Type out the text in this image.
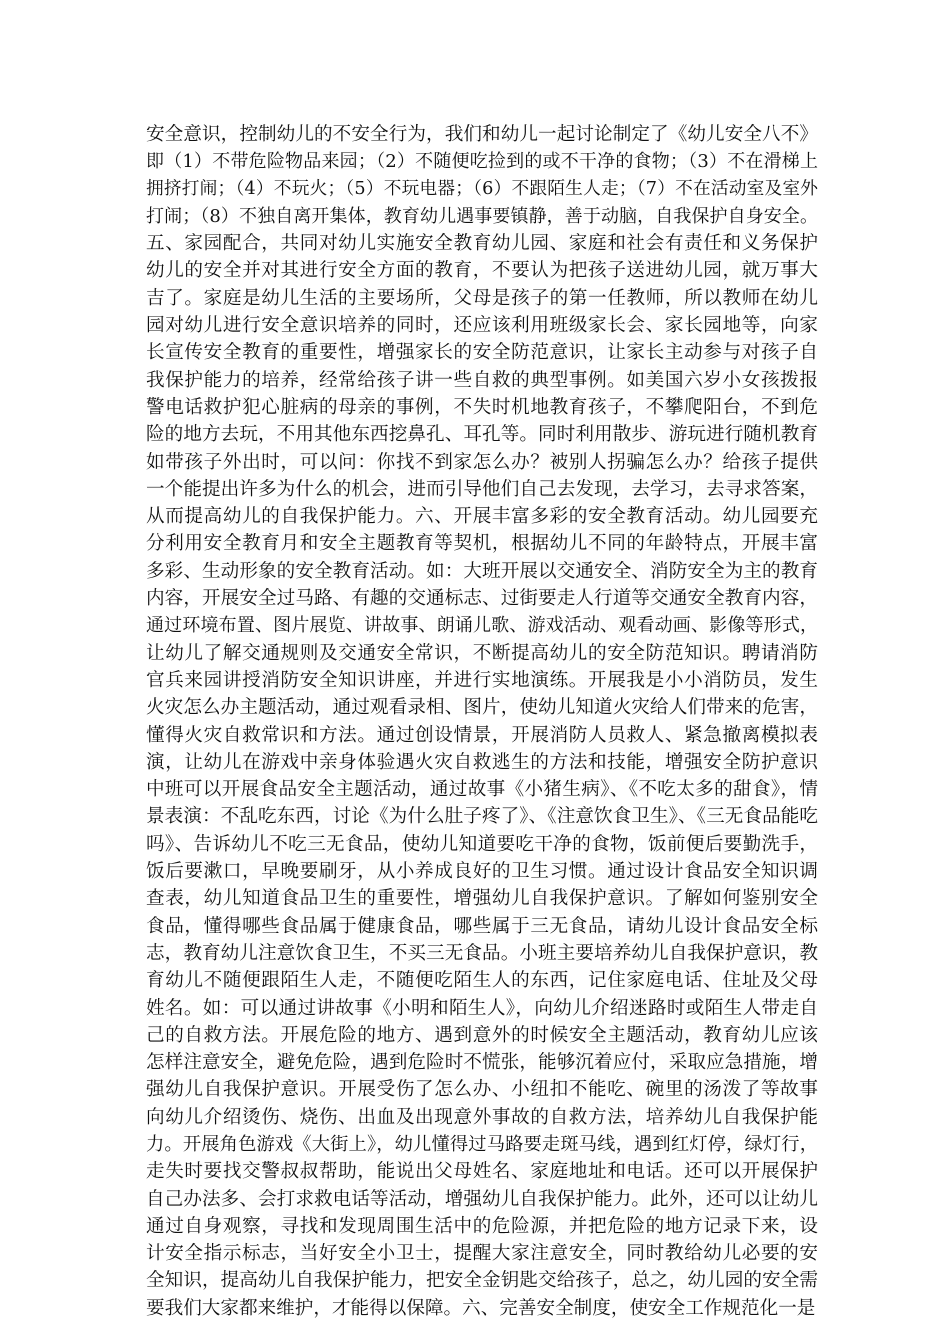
安全意识，控制幼儿的不安全行为，我们和幼儿一起讨论制定了《幼儿安全八不》
即（1）不带危险物品来园；（2）不随便吃捡到的或不干净的食物；（3）不在滑梯上
拥挤打闹；（4）不玩火；（5）不玩电器；（6）不跟陌生人走；（7）不在活动室及室外
打闹；（8）不独自离开集体，教育幼儿遇事要镇静，善于动脑，自我保护自身安全。
五、家园配合，共同对幼儿实施安全教育幼儿园、家庭和社会有责任和义务保护
幼儿的安全并对其进行安全方面的教育，不要认为把孩子送进幼儿园，就万事大
吉了。家庭是幼儿生活的主要场所，父母是孩子的第一任教师，所以教师在幼儿
园对幼儿进行安全意识培养的同时，还应该利用班级家长会、家长园地等，向家
长宣传安全教育的重要性，增强家长的安全防范意识，让家长主动参与对孩子自
我保护能力的培养，经常给孩子讲一些自救的典型事例。如美国六岁小女孩拨报
警电话救护犯心脏病的母亲的事例，不失时机地教育孩子，不攀爬阳台，不到危
险的地方去玩，不用其他东西挖鼻孔、耳孔等。同时利用散步、游玩进行随机教育
如带孩子外出时，可以问：你找不到家怎么办？被别人拐骗怎么办？给孩子提供
一个能提出许多为什么的机会，进而引导他们自己去发现，去学习，去寻求答案，
从而提高幼儿的自我保护能力。六、开展丰富多彩的安全教育活动。幼儿园要充
分利用安全教育月和安全主题教育等契机，根据幼儿不同的年龄特点，开展丰富
多彩、生动形象的安全教育活动。如：大班开展以交通安全、消防安全为主的教育
内容，开展安全过马路、有趣的交通标志、过街要走人行道等交通安全教育内容，
通过环境布置、图片展览、讲故事、朗诵儿歌、游戏活动、观看动画、影像等形式，
让幼儿了解交通规则及交通安全常识，不断提高幼儿的安全防范知识。聘请消防
官兵来园讲授消防安全知识讲座，并进行实地演练。开展我是小小消防员，发生
火灾怎么办主题活动，通过观看录相、图片，使幼儿知道火灾给人们带来的危害，
懂得火灾自救常识和方法。通过创设情景，开展消防人员救人、紧急撤离模拟表
演，让幼儿在游戏中亲身体验遇火灾自救逃生的方法和技能，增强安全防护意识
中班可以开展食品安全主题活动，通过故事《小猪生病》、《不吃太多的甜食》，情
景表演：不乱吃东西，讨论《为什么肚子疼了》、《注意饮食卫生》、《三无食品能吃
吗》、告诉幼儿不吃三无食品，使幼儿知道要吃干净的食物，饭前便后要勤洗手，
饭后要漱口，早晚要刷牙，从小养成良好的卫生习惯。通过设计食品安全知识调
查表，幼儿知道食品卫生的重要性，增强幼儿自我保护意识。了解如何鉴别安全
食品，懂得哪些食品属于健康食品，哪些属于三无食品，请幼儿设计食品安全标
志，教育幼儿注意饮食卫生，不买三无食品。小班主要培养幼儿自我保护意识，教
育幼儿不随便跟陌生人走，不随便吃陌生人的东西，记住家庭电话、住址及父母
姓名。如：可以通过讲故事《小明和陌生人》，向幼儿介绍迷路时或陌生人带走自
己的自救方法。开展危险的地方、遇到意外的时候安全主题活动，教育幼儿应该
怎样注意安全，避免危险，遇到危险时不慌张，能够沉着应付，采取应急措施，增
强幼儿自我保护意识。开展受伤了怎么办、小纽扣不能吃、碗里的汤泼了等故事
向幼儿介绍烫伤、烧伤、出血及出现意外事故的自救方法，培养幼儿自我保护能
力。开展角色游戏《大街上》，幼儿懂得过马路要走斑马线，遇到红灯停，绿灯行，
走失时要找交警叔叔帮助，能说出父母姓名、家庭地址和电话。还可以开展保护
自己办法多、会打求救电话等活动，增强幼儿自我保护能力。此外，还可以让幼儿
通过自身观察，寻找和发现周围生活中的危险源，并把危险的地方记录下来，设
计安全指示标志，当好安全小卫士，提醒大家注意安全，同时教给幼儿必要的安
全知识，提高幼儿自我保护能力，把安全金钥匙交给孩子，总之，幼儿园的安全需
要我们大家都来维护，才能得以保障。六、完善安全制度，使安全工作规范化一是
